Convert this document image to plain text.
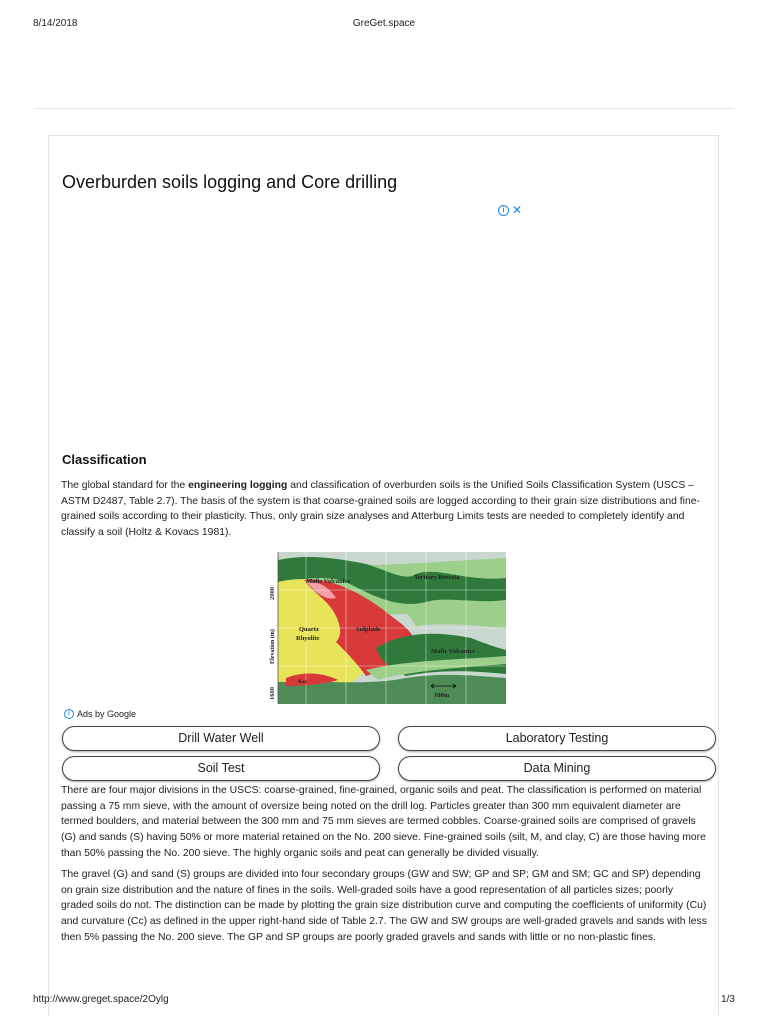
8/14/2018	GreGet.space
Overburden soils logging and Core drilling
i ✕
Classification

The global standard for the engineering logging and classification of overburden soils is the Unified Soils Classification System (USCS – ASTM D2487, Table 2.7). The basis of the system is that coarse-grained soils are logged according to their grain size distributions and fine-grained soils according to their plasticity. Thus, only grain size analyses and Atterburg Limits tests are needed to completely identify and classify a soil (Holtz & Kovacs 1981).

2000
Elevation (m)
1600
Mafic Volcanics
Tertiary Breccia
Quartz
Rhyolite
Sulphide
Mafic Volcanics
Key
100m
i Ads by Google
Drill Water Well	Laboratory Testing
Soil Test	Data Mining

There are four major divisions in the USCS: coarse-grained, fine-grained, organic soils and peat. The classification is performed on material passing a 75 mm sieve, with the amount of oversize being noted on the drill log. Particles greater than 300 mm equivalent diameter are termed boulders, and material between the 300 mm and 75 mm sieves are termed cobbles. Coarse-grained soils are comprised of gravels (G) and sands (S) having 50% or more material retained on the No. 200 sieve. Fine-grained soils (silt, M, and clay, C) are those having more than 50% passing the No. 200 sieve. The highly organic soils and peat can generally be divided visually.

The gravel (G) and sand (S) groups are divided into four secondary groups (GW and SW; GP and SP; GM and SM; GC and SP) depending on grain size distribution and the nature of fines in the soils. Well-graded soils have a good representation of all particles sizes; poorly graded soils do not. The distinction can be made by plotting the grain size distribution curve and computing the coefficients of uniformity (Cu) and curvature (Cc) as defined in the upper right-hand side of Table 2.7. The GW and SW groups are well-graded gravels and sands with less then 5% passing the No. 200 sieve. The GP and SP groups are poorly graded gravels and sands with little or no non-plastic fines.

http://www.greget.space/2Oylg	1/3
